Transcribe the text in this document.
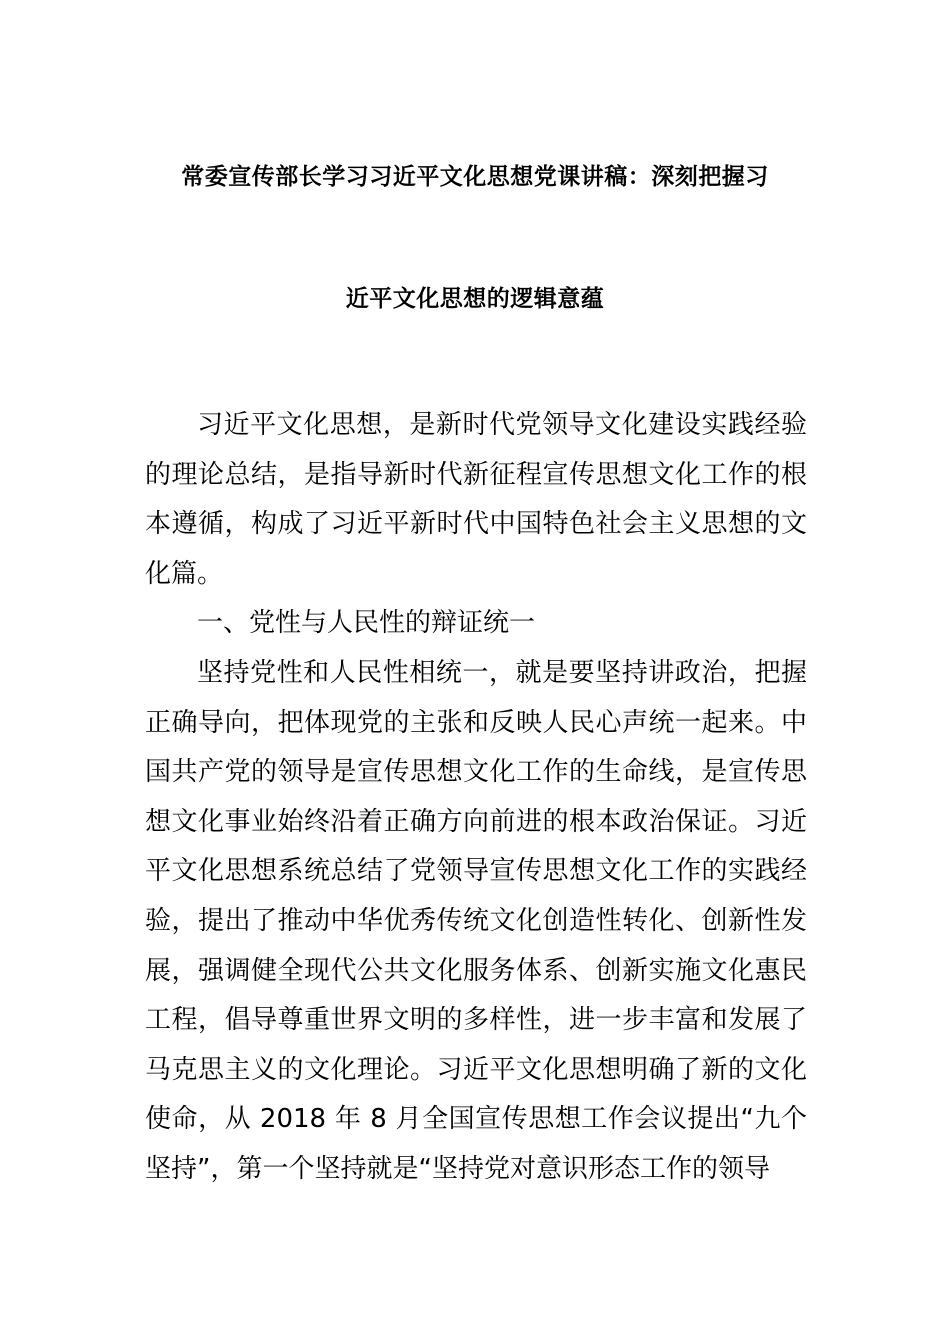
常委宣传部长学习习近平文化思想党课讲稿：深刻把握习
近平文化思想的逻辑意蕴

习近平文化思想，是新时代党领导文化建设实践经验的理论总结，是指导新时代新征程宣传思想文化工作的根本遵循，构成了习近平新时代中国特色社会主义思想的文化篇。

一、党性与人民性的辩证统一

坚持党性和人民性相统一，就是要坚持讲政治，把握正确导向，把体现党的主张和反映人民心声统一起来。中国共产党的领导是宣传思想文化工作的生命线，是宣传思想文化事业始终沿着正确方向前进的根本政治保证。习近平文化思想系统总结了党领导宣传思想文化工作的实践经验，提出了推动中华优秀传统文化创造性转化、创新性发展，强调健全现代公共文化服务体系、创新实施文化惠民工程，倡导尊重世界文明的多样性，进一步丰富和发展了马克思主义的文化理论。习近平文化思想明确了新的文化使命，从 2018 年 8 月全国宣传思想工作会议提出“九个坚持”，第一个坚持就是“坚持党对意识形态工作的领导
